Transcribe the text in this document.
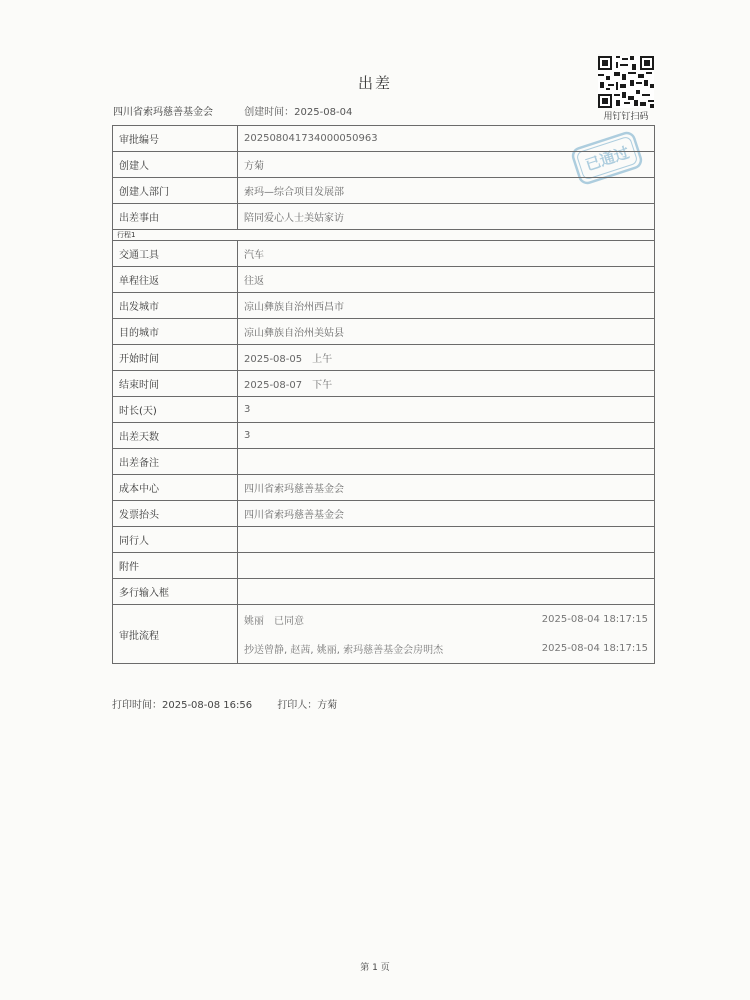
出差
四川省索玛慈善基金会	创建时间：2025-08-04	用钉钉扫码
已通过
审批编号	202508041734000050963
创建人	方菊
创建人部门	索玛—综合项目发展部
出差事由	陪同爱心人士美姑家访
行程1	
交通工具	汽车
单程往返	往返
出发城市	凉山彝族自治州西昌市
目的城市	凉山彝族自治州美姑县
开始时间	2025-08-05　上午
结束时间	2025-08-07　下午
时长(天)	3
出差天数	3
出差备注	
成本中心	四川省索玛慈善基金会
发票抬头	四川省索玛慈善基金会
同行人	
附件	
多行输入框	
审批流程	姚丽　已同意 2025-08-04 18:17:15
抄送曾静, 赵茜, 姚丽, 索玛慈善基金会房明杰 2025-08-04 18:17:15
打印时间：2025-08-08 16:56	打印人：方菊
第 1 页
